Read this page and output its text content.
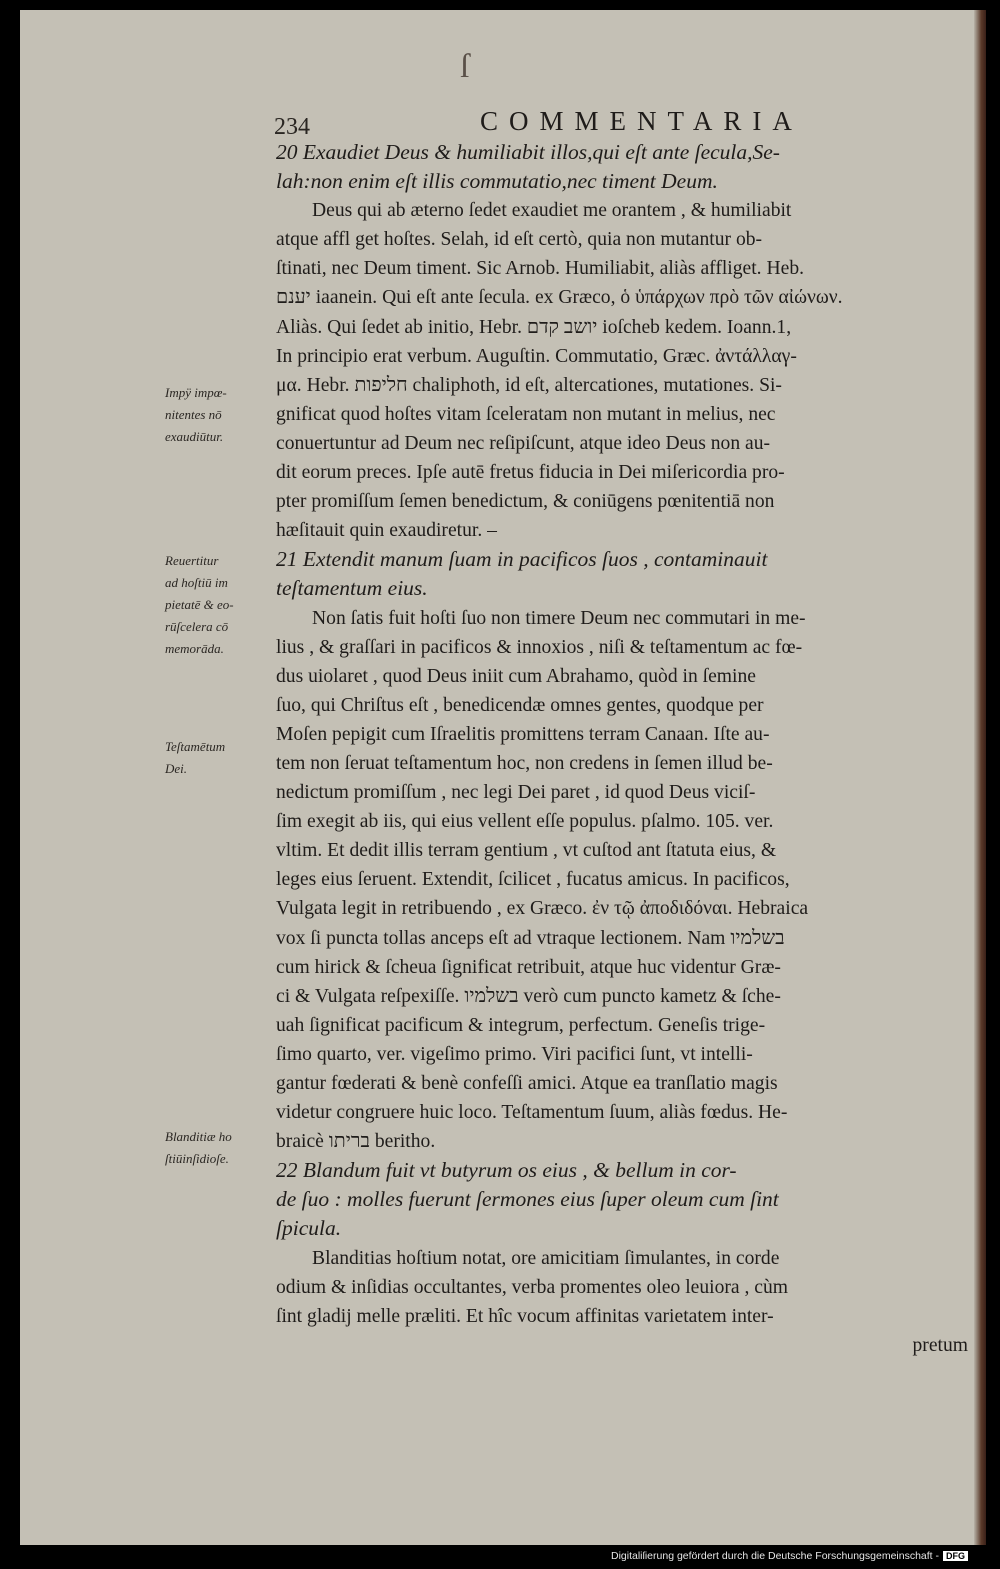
ſ
234	COMMENTARIA
Impÿ impœ-
nitentes nō
exaudiūtur.
Reuertitur
ad hoſtiū im
pietatē & eo-
rūſcelera cō
memorāda.
Teſtamētum
Dei.
Blanditiæ ho
ſtiūinſidioſe.
20 Exaudiet Deus & humiliabit illos,qui eſt ante ſecula,Se-
lah:non enim eſt illis commutatio,nec timent Deum.
Deus qui ab æterno ſedet exaudiet me orantem , & humiliabit
atque affl get hoſtes. Selah, id eſt certò, quia non mutantur ob-
ſtinati, nec Deum timent. Sic Arnob. Humiliabit, aliàs affliget. Heb.
יענם iaanein. Qui eſt ante ſecula. ex Græco, ὁ ὑπάρχων πρὸ τῶν αἰώνων.
Aliàs. Qui ſedet ab initio, Hebr. יושב קדם ioſcheb kedem. Ioann.1,
In principio erat verbum. Auguſtin. Commutatio, Græc. ἀντάλλαγ-
μα. Hebr. חליפות chaliphoth, id eſt, altercationes, mutationes. Si-
gnificat quod hoſtes vitam ſceleratam non mutant in melius, nec
conuertuntur ad Deum nec reſipiſcunt, atque ideo Deus non au-
dit eorum preces. Ipſe autē fretus fiducia in Dei miſericordia pro-
pter promiſſum ſemen benedictum, & coniūgens pœnitentiā non
hæſitauit quin exaudiretur. –
21 Extendit manum ſuam in pacificos ſuos , contaminauit
teſtamentum eius.
Non ſatis fuit hoſti ſuo non timere Deum nec commutari in me-
lius , & graſſari in pacificos & innoxios , niſi & teſtamentum ac fœ-
dus uiolaret , quod Deus iniit cum Abrahamo, quòd in ſemine
ſuo, qui Chriſtus eſt , benedicendæ omnes gentes, quodque per
Moſen pepigit cum Iſraelitis promittens terram Canaan. Iſte au-
tem non ſeruat teſtamentum hoc, non credens in ſemen illud be-
nedictum promiſſum , nec legi Dei paret , id quod Deus viciſ-
ſim exegit ab iis, qui eius vellent eſſe populus. pſalmo. 105. ver.
vltim. Et dedit illis terram gentium , vt cuſtod ant ſtatuta eius, &
leges eius ſeruent. Extendit, ſcilicet , fucatus amicus. In pacificos,
Vulgata legit in retribuendo , ex Græco. ἐν τῷ ἀποδιδόναι. Hebraica
vox ſi puncta tollas anceps eſt ad vtraque lectionem. Nam בשלמיו
cum hirick & ſcheua ſignificat retribuit, atque huc videntur Græ-
ci & Vulgata reſpexiſſe. בשלמיו verò cum puncto kametz & ſche-
uah ſignificat pacificum & integrum, perfectum. Geneſis trige-
ſimo quarto, ver. vigeſimo primo. Viri pacifici ſunt, vt intelli-
gantur fœderati & benè confeſſi amici. Atque ea tranſlatio magis
videtur congruere huic loco. Teſtamentum ſuum, aliàs fœdus. He-
braicè בריתו beritho.
22 Blandum fuit vt butyrum os eius , & bellum in cor-
de ſuo : molles fuerunt ſermones eius ſuper oleum cum ſint
ſpicula.
Blanditias hoſtium notat, ore amicitiam ſimulantes, in corde
odium & inſidias occultantes, verba promentes oleo leuiora , cùm
ſint gladij melle præliti. Et hîc vocum affinitas varietatem inter-
pretum
Digitaliſierung gefördert durch die Deutsche Forschungsgemeinschaft - DFG
